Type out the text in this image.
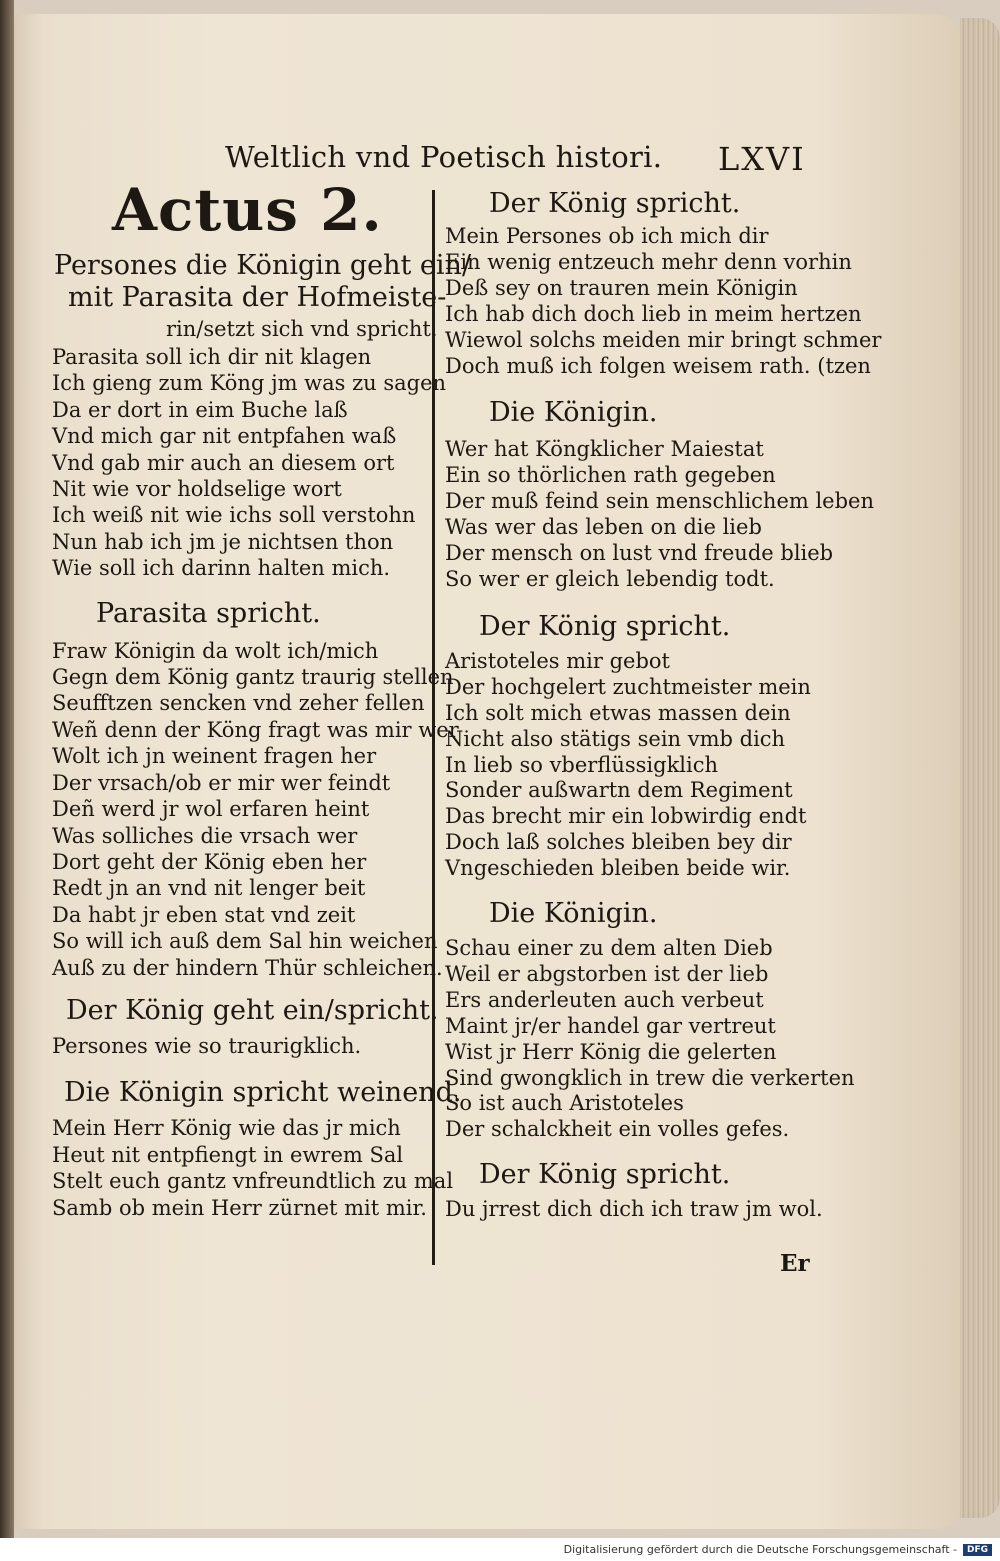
Weltlich vnd Poetisch histori. LXVI
Actus 2.
Persones die Königin geht ein/
mit Parasita der Hofmeiste-
rin/setzt sich vnd spricht.
Parasita soll ich dir nit klagen
Ich gieng zum Köng jm was zu sagen
Da er dort in eim Buche laß
Vnd mich gar nit entpfahen waß
Vnd gab mir auch an diesem ort
Nit wie vor holdselige wort
Ich weiß nit wie ichs soll verstohn
Nun hab ich jm je nichtsen thon
Wie soll ich darinn halten mich.
Parasita spricht.
Fraw Königin da wolt ich/mich
Gegn dem König gantz traurig stellen
Seufftzen sencken vnd zeher fellen
Weñ denn der Köng fragt was mir wer
Wolt ich jn weinent fragen her
Der vrsach/ob er mir wer feindt
Deñ werd jr wol erfaren heint
Was solliches die vrsach wer
Dort geht der König eben her
Redt jn an vnd nit lenger beit
Da habt jr eben stat vnd zeit
So will ich auß dem Sal hin weichen
Auß zu der hindern Thür schleichen.
Der König geht ein/spricht.
Persones wie so traurigklich.
Die Königin spricht weinend.
Mein Herr König wie das jr mich
Heut nit entpfiengt in ewrem Sal
Stelt euch gantz vnfreundtlich zu mal
Samb ob mein Herr zürnet mit mir.
Der König spricht.
Mein Persones ob ich mich dir
Ein wenig entzeuch mehr denn vorhin
Deß sey on trauren mein Königin
Ich hab dich doch lieb in meim hertzen
Wiewol solchs meiden mir bringt schmer
Doch muß ich folgen weisem rath. (tzen
Die Königin.
Wer hat Köngklicher Maiestat
Ein so thörlichen rath gegeben
Der muß feind sein menschlichem leben
Was wer das leben on die lieb
Der mensch on lust vnd freude blieb
So wer er gleich lebendig todt.
Der König spricht.
Aristoteles mir gebot
Der hochgelert zuchtmeister mein
Ich solt mich etwas massen dein
Nicht also stätigs sein vmb dich
In lieb so vberflüssigklich
Sonder außwartn dem Regiment
Das brecht mir ein lobwirdig endt
Doch laß solches bleiben bey dir
Vngeschieden bleiben beide wir.
Die Königin.
Schau einer zu dem alten Dieb
Weil er abgstorben ist der lieb
Ers anderleuten auch verbeut
Maint jr/er handel gar vertreut
Wist jr Herr König die gelerten
Sind gwongklich in trew die verkerten
So ist auch Aristoteles
Der schalckheit ein volles gefes.
Der König spricht.
Du jrrest dich dich ich traw jm wol.
Er
Digitalisierung gefördert durch die Deutsche Forschungsgemeinschaft -	DFG
